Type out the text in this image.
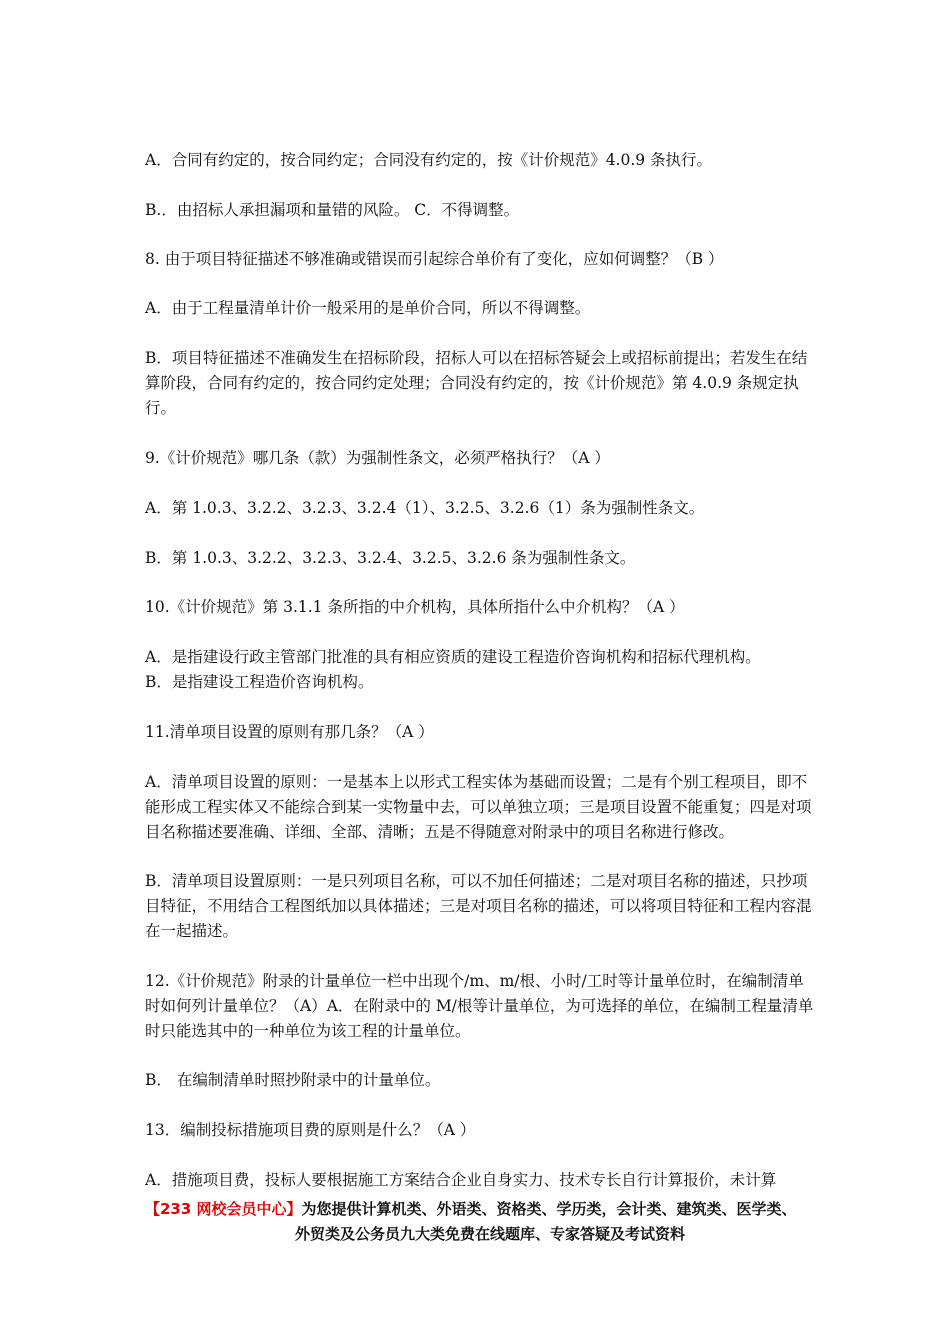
A．合同有约定的，按合同约定；合同没有约定的，按《计价规范》4.0.9 条执行。

B.．由招标人承担漏项和量错的风险。 C．不得调整。

8. 由于项目特征描述不够准确或错误而引起综合单价有了变化，应如何调整？（B ）

A．由于工程量清单计价一般采用的是单价合同，所以不得调整。

B．项目特征描述不准确发生在招标阶段，招标人可以在招标答疑会上或招标前提出；若发生在结算阶段，合同有约定的，按合同约定处理；合同没有约定的，按《计价规范》第 4.0.9 条规定执行。

9.《计价规范》哪几条（款）为强制性条文，必须严格执行？（A ）

A．第 1.0.3、3.2.2、3.2.3、3.2.4（1）、3.2.5、3.2.6（1）条为强制性条文。

B．第 1.0.3、3.2.2、3.2.3、3.2.4、3.2.5、3.2.6 条为强制性条文。

10.《计价规范》第 3.1.1 条所指的中介机构，具体所指什么中介机构？（A ）

A．是指建设行政主管部门批准的具有相应资质的建设工程造价咨询机构和招标代理机构。

B．是指建设工程造价咨询机构。

11.清单项目设置的原则有那几条？（A ）

A．清单项目设置的原则：一是基本上以形式工程实体为基础而设置；二是有个别工程项目，即不能形成工程实体又不能综合到某一实物量中去，可以单独立项；三是项目设置不能重复；四是对项目名称描述要准确、详细、全部、清晰；五是不得随意对附录中的项目名称进行修改。

B．清单项目设置原则：一是只列项目名称，可以不加任何描述；二是对项目名称的描述，只抄项目特征，不用结合工程图纸加以具体描述；三是对项目名称的描述，可以将项目特征和工程内容混在一起描述。

12.《计价规范》附录的计量单位一栏中出现个/m、m/根、小时/工时等计量单位时，在编制清单时如何列计量单位？（A）A．在附录中的 M/根等计量单位，为可选择的单位，在编制工程量清单时只能选其中的一种单位为该工程的计量单位。

B． 在编制清单时照抄附录中的计量单位。

13．编制投标措施项目费的原则是什么？（A ）

A．措施项目费，投标人要根据施工方案结合企业自身实力、技术专长自行计算报价，未计算

【233 网校会员中心】为您提供计算机类、外语类、资格类、学历类，会计类、建筑类、医学类、
外贸类及公务员九大类免费在线题库、专家答疑及考试资料
